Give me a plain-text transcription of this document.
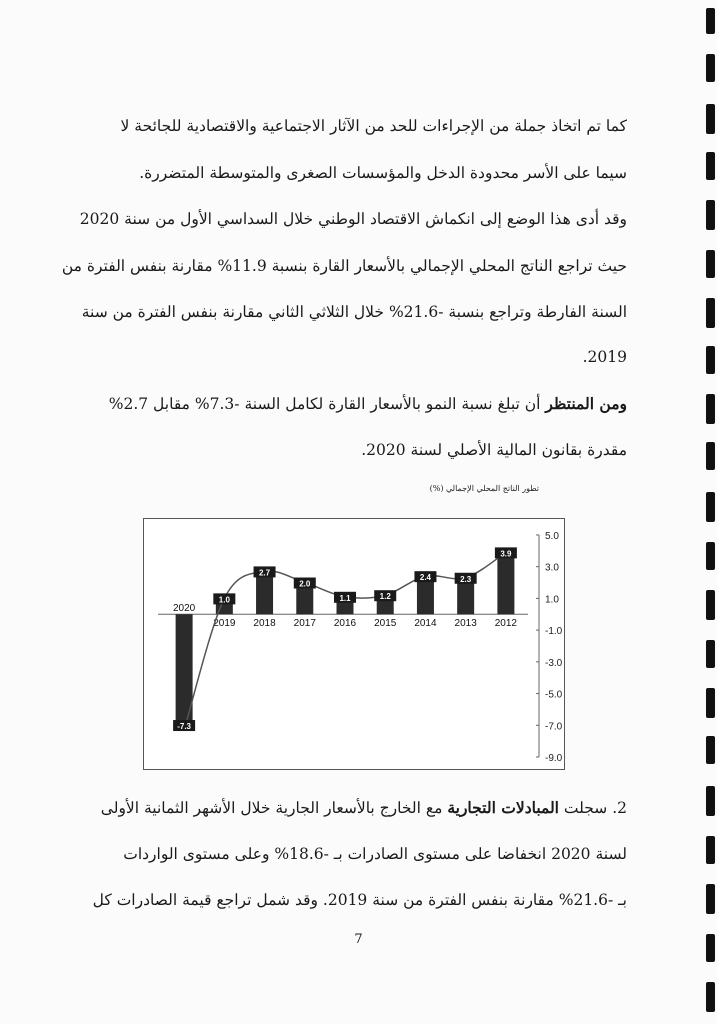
كما تم اتخاذ جملة من الإجراءات للحد من الآثار الاجتماعية والاقتصادية للجائحة لا
سيما على الأسر محدودة الدخل والمؤسسات الصغرى والمتوسطة المتضررة.
وقد أدى هذا الوضع إلى انكماش الاقتصاد الوطني خلال السداسي الأول من سنة 2020
حيث تراجع الناتج المحلي الإجمالي بالأسعار القارة بنسبة 11.9% مقارنة بنفس الفترة من
السنة الفارطة وتراجع بنسبة -21.6% خلال الثلاثي الثاني مقارنة بنفس الفترة من سنة
2019.
ومن المنتظر أن تبلغ نسبة النمو بالأسعار القارة لكامل السنة -7.3% مقابل 2.7%
مقدرة بقانون المالية الأصلي لسنة 2020.
تطور الناتج المحلي الإجمالي (%)
5.0
3.0
1.0
-1.0
-3.0
-5.0
-7.0
-9.0
2020
2019 2018 2017 2016 2015 2014 2013 2012
-7.3
1.0
2.7
2.0
1.1	1.2
2.4	2.3
3.9
2. سجلت المبادلات التجارية مع الخارج بالأسعار الجارية خلال الأشهر الثمانية الأولى
لسنة 2020 انخفاضا على مستوى الصادرات بـ -18.6% وعلى مستوى الواردات
بـ -21.6% مقارنة بنفس الفترة من سنة 2019. وقد شمل تراجع قيمة الصادرات كل
7
